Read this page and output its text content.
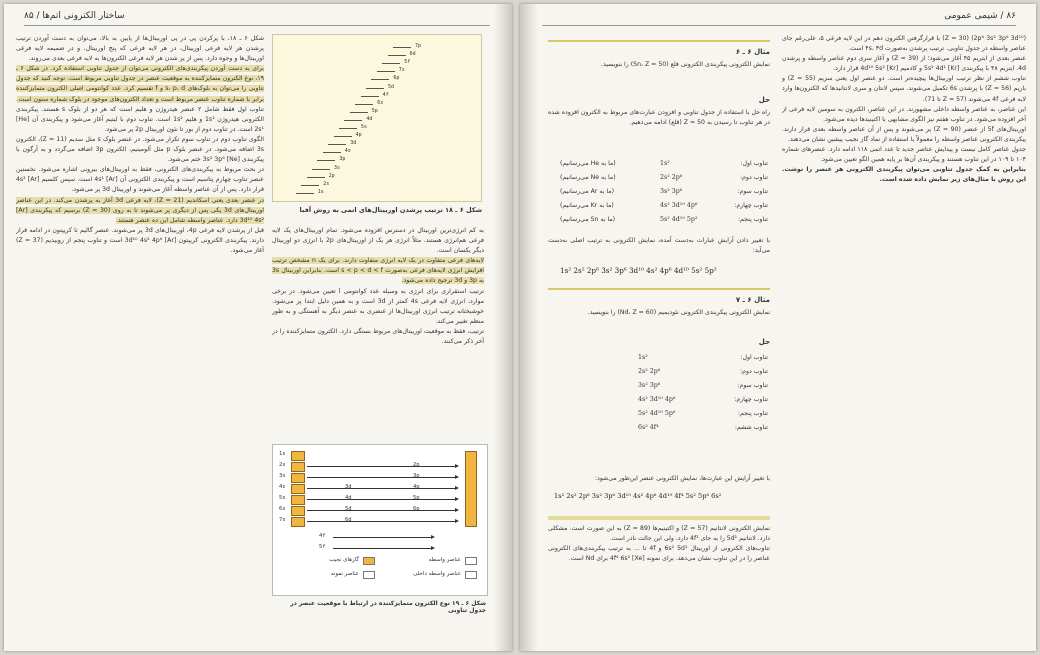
ساختار الکترونی اتم‌ها / ۸۵

شکل ۶ ـ ۱۸، با پرکردن پی در پی اوربیتال‌ها از پایین به بالا، می‌توان به دست آوردن ترتیب پرشدن هر لایه فرعی اوربیتال، در هر لایه فرعی که پنج اوربیتال، و در ضمیمه لایه فرعی اوربیتال‌ها و وجوه دارد. پس از پر شدن هر لایه فرعی الکترون‌ها به لایه فرعی بعدی می‌روند.

برای به دست آوردن پیکربندی‌های الکترونی می‌توان از جدول تناوبی استفاده کرد. در شکل ۶ ـ ۱۹، نوع الکترون متمایزکننده به موقعیت عنصر در جدول تناوبی مربوط است. توجه کنید که جدول تناوبی را می‌توان به بلوک‌های s، p، d و f تقسیم کرد. عدد کوانتومی اصلی الکترون متمایزکننده برابر با شماره تناوب عنصر مربوط است و تعداد الکترون‌های موجود در بلوک شماره ستون است.

تناوب اول فقط شامل ۲ عنصر هیدروژن و هلیم است که هر دو از بلوک s هستند. پیکربندی الکترونی هیدروژن 1s¹ و هلیم 1s² است. تناوب دوم با لیتیم آغاز می‌شود و پیکربندی آن [He] 2s¹ است. در تناوب دوم از بور تا نئون اوربیتال 2p پر می‌شود.

الگوی تناوب دوم در تناوب سوم تکرار می‌شود. در عنصر بلوک s مثل سدیم (Z = 11)، الکترون 3s اضافه می‌شود. در عنصر بلوک p مثل آلومینیم، الکترون 3p اضافه می‌گردد و به آرگون با پیکربندی [Ne] 3s² 3p⁶ ختم می‌شود.

در بحث مربوط به پیکربندی‌های الکترونی، فقط به اوربیتال‌های بیرونی اشاره می‌شود. نخستین عنصر تناوب چهارم پتاسیم است و پیکربندی الکترونی آن [Ar] 4s¹ است. سپس کلسیم [Ar] 4s² قرار دارد. پس از آن عناصر واسطه آغاز می‌شوند و اوربیتال 3d پر می‌شود.

در عنصر بعدی یعنی اسکاندیم (Z = 21)، لایه فرعی 3d آغاز به پرشدن می‌کند. در این عناصر اوربیتال‌های 3d یکی پس از دیگری پر می‌شوند تا به روی (Z = 30) برسیم که پیکربندی [Ar] 3d¹⁰ 4s² دارد. عناصر واسطه شامل این ده عنصر هستند.

قبل از پرشدن لایه فرعی 4p، اوربیتال‌های 3d پر می‌شوند. عنصر گالیم تا کریپتون در ادامه قرار دارند. پیکربندی الکترونی کریپتون [Ar] 3d¹⁰ 4s² 4p⁶ است و تناوب پنجم از روبیدیم (Z = 37) آغاز می‌شود.

7p
6d
5f
7s
6p
5d
4f
6s
5p
4d
5s
4p
3d
4s
3p
3s
2p
2s
1s
شکل ۶ ـ ۱۸ ترتیب پرشدن اوربیتال‌های اتمی به روش آفبا

به کم انرژی‌ترین اوربیتال در دسترس افزوده می‌شود. تمام اوربیتال‌های یک لایه فرعی هم‌انرژی هستند. مثلاً انرژی هر یک از اوربیتال‌های 2p با انرژی دو اوربیتال دیگر یکسان است.

لایه‌های فرعی متفاوت در یک لایه انرژی متفاوت دارند. برای یک n مشخص ترتیب افزایش انرژی لایه‌های فرعی به‌صورت s < p < d < f است. بنابراین اوربیتال 3s به 3p و 3d ترجیح داده می‌شود.

ترتیب استقراری برای انرژی به وسیله عدد کوانتومی l تعیین می‌شود. در برخی موارد، انرژی لایه فرعی 4s کمتر از 3d است و به همین دلیل ابتدا پر می‌شود. خوشبختانه ترتیب انرژی اوربیتال‌ها از عنصری به عنصر دیگر به آهستگی و به طور منظم تغییر می‌کند.

ترتیب، فقط به موقعیت اوربیتال‌های مربوط بستگی دارد. الکترون متمایزکننده را در آخر ذکر می‌کنند.

1s
2s
3s
4s
5s
6s
7s
2p
3p
4p
5p
6p
3d
4d
5d
6d
4f
5f
گازهای نجیب	عناصر واسطه
عناصر نمونه	عناصر واسطه داخلی
شکل ۶ ـ ۱۹ نوع الکترون متمایزکننده در ارتباط با موقعیت عنصر در جدول تناوبی
۸۶ / شیمی عمومی

(2p⁶ 3s² 3p⁶ 3d¹⁰) (Z = 30) با قرارگرفتن الکترون دهم در این لایه فرعی ۵، علی‌رغم جای عناصر واسطه در جدول تناوبی. ترتیب پرشدن به‌صورت ۴s، ۳d است.

عنصر بعدی از ایتریم ۴۵ آغاز می‌شود؛ از (Z = 39) و آغاز سری دوم عناصر واسطه و پرشدن 4d. ایتریم ۴۸ با پیکربندی [Kr] 5s² 4d¹ و کادمیم [Kr] 4d¹⁰ 5s² قرار دارد.

تناوب ششم از نظر ترتیب اوربیتال‌ها پیچیده‌تر است. دو عنصر اول یعنی سزیم (Z = 55) و باریم (Z = 56) با پرشدن 6s تکمیل می‌شوند. سپس لانتان و سری لانتانیدها که الکترون‌ها وارد لایه فرعی 4f می‌شوند (Z = 57 تا 71).

این عناصر، به عناصر واسطه داخلی مشهورند. در این عناصر، الکترون به سومین لایه فرعی از آخر افزوده می‌شود. در تناوب هفتم نیز الگوی مشابهی با اکتینیدها دیده می‌شود.

اوربیتال‌های 5f از عنصر (Z = 90) پر می‌شوند و پس از آن عناصر واسطه بعدی قرار دارند. پیکربندی الکترونی عناصر واسطه را معمولاً با استفاده از نماد گاز نجیب پیشین نشان می‌دهند.

جدول عناصر کامل نیست و پیدایش عناصر جدید تا عدد اتمی ۱۱۸ ادامه دارد. عنصرهای شماره ۱۰۴ تا ۱۰۹ در این تناوب هستند و پیکربندی آن‌ها بر پایه همین الگو تعیین می‌شود.

بنابراین به کمک جدول تناوبی می‌توان پیکربندی الکترونی هر عنصر را نوشت. این روش با مثال‌های زیر نمایش داده شده است.

مثال ۶ ـ ۶
نمایش الکترونی پیکربندی الکترونی قلع (Sn، Z = 50) را بنویسید.
حل
راه حل با استفاده از جدول تناوبی و افزودن عبارت‌های مربوط به الکترون افزوده شده در هر تناوب تا رسیدن به Z = 50 (قلع) ادامه می‌دهیم.
با تغییر دادن آرایش عبارات به‌دست آمده، نمایش الکترونی به ترتیب اصلی به‌دست می‌آید:
1s² 2s² 2p⁶ 3s² 3p⁶ 3d¹⁰ 4s² 4p⁶ 4d¹⁰ 5s² 5p²
مثال ۶ ـ ۷
نمایش الکترونی پیکربندی الکترونی نئودیمیم (Nd، Z = 60) را بنویسید.
حل
با تغییر آرایش این عبارت‌ها، نمایش الکترونی عنصر این‌طور می‌شود:
1s² 2s² 2p⁶ 3s² 3p⁶ 3d¹⁰ 4s² 4p⁶ 4d¹⁰ 4f⁴ 5s² 5p⁶ 6s²

نمایش الکترونی لانتانیم (Z = 57) و اکتینیم‌ها (Z = 89) به این صورت است. مشکلی دارد. لانتانیم 5d¹ را به جای 4f¹ دارد، ولی این حالت نادر است.

تناوب‌های الکترونی از اوربیتال 6s² 5d¹ و 4f تا ... به ترتیب پیکربندی‌های الکترونی عناصر را در این تناوب نشان می‌دهد. برای نمونه [Xe] 4f⁴ 6s² برای Nd است.

تناوب اول:
1s²
(ما به He می‌رسانیم)
تناوب دوم:
2s² 2p⁶
(ما به Ne می‌رسانیم)
تناوب سوم:
3s² 3p⁶
(ما به Ar می‌رسانیم)
تناوب چهارم:
4s² 3d¹⁰ 4p⁶
(ما به Kr می‌رسانیم)
تناوب پنجم:
5s² 4d¹⁰ 5p²
(ما به Sn می‌رسانیم)
تناوب اول:
1s²
تناوب دوم:
2s² 2p⁶
تناوب سوم:
3s² 3p⁶
تناوب چهارم:
4s² 3d¹⁰ 4p⁶
تناوب پنجم:
5s² 4d¹⁰ 5p⁶
تناوب ششم:
6s² 4f⁴
